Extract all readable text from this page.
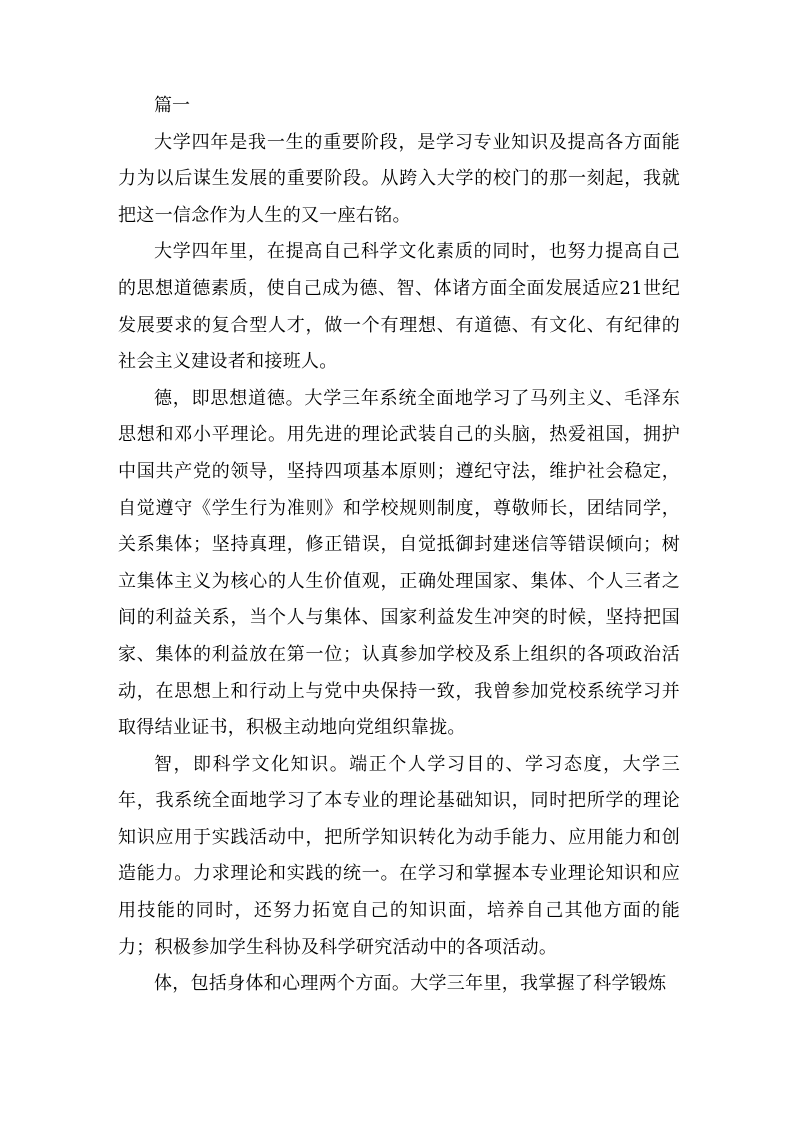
篇一

大学四年是我一生的重要阶段，是学习专业知识及提高各方面能力为以后谋生发展的重要阶段。从跨入大学的校门的那一刻起，我就把这一信念作为人生的又一座右铭。

大学四年里，在提高自己科学文化素质的同时，也努力提高自己的思想道德素质，使自己成为德、智、体诸方面全面发展适应21世纪发展要求的复合型人才，做一个有理想、有道德、有文化、有纪律的社会主义建设者和接班人。

德，即思想道德。大学三年系统全面地学习了马列主义、毛泽东思想和邓小平理论。用先进的理论武装自己的头脑，热爱祖国，拥护中国共产党的领导，坚持四项基本原则；遵纪守法，维护社会稳定，自觉遵守《学生行为准则》和学校规则制度，尊敬师长，团结同学，关系集体；坚持真理，修正错误，自觉抵御封建迷信等错误倾向；树立集体主义为核心的人生价值观，正确处理国家、集体、个人三者之间的利益关系，当个人与集体、国家利益发生冲突的时候，坚持把国家、集体的利益放在第一位；认真参加学校及系上组织的各项政治活动，在思想上和行动上与党中央保持一致，我曾参加党校系统学习并取得结业证书，积极主动地向党组织靠拢。

智，即科学文化知识。端正个人学习目的、学习态度，大学三年，我系统全面地学习了本专业的理论基础知识，同时把所学的理论知识应用于实践活动中，把所学知识转化为动手能力、应用能力和创造能力。力求理论和实践的统一。在学习和掌握本专业理论知识和应用技能的同时，还努力拓宽自己的知识面，培养自己其他方面的能力；积极参加学生科协及科学研究活动中的各项活动。

体，包括身体和心理两个方面。大学三年里，我掌握了科学锻炼
